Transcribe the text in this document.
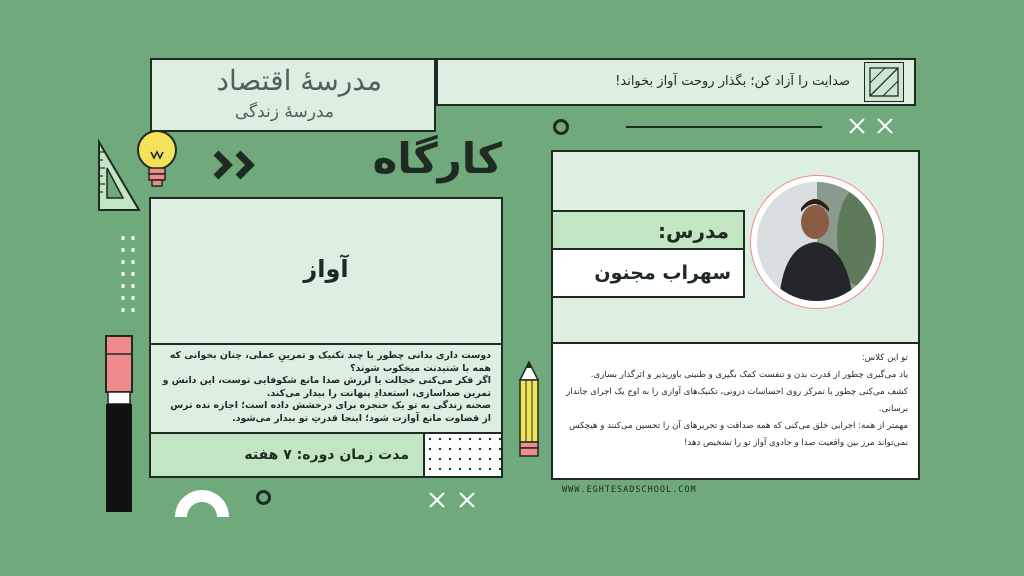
مدرسهٔ اقتصاد
مدرسهٔ زندگی
صدایت را آزاد کن؛ بگذار روحت آواز بخواند!
کارگاه
آواز
دوست داری بدانی چطور با چند تکنیک و تمرینِ عملی، چنان بخوانی که همه با شنیدنت میخکوب شوند؟
اگر فکر می‌کنی خجالت یا لرزش صدا مانع شکوفایی توست، این دانش و تمرین صداسازی، استعدادِ پنهانت را بیدار می‌کند.
صحنه زندگی به تو یک حنجره برای درخشش داده است؛ اجازه نده ترس از قضاوت مانع آوازت شود؛ اینجا قدرتِ تو بیدار می‌شود.
مدت زمان دوره: ۷ هفته
مدرس:
سهراب مجنون
تو این کلاس:
یاد می‌گیری چطور از قدرت بدن و تنفست کمک بگیری و طنینی باورپذیر و اثرگذار بسازی.
کشف می‌کنی چطور با تمرکز روی احساسات درونی، تکنیک‌های آوازی را به اوج یک اجرای جاندار برسانی.
مهمتر از همه: اجرایی خلق می‌کنی که همه صداقت و تحریرهای آن را تحسین می‌کنند و هیچکس نمی‌تواند مرز بین واقعیت صدا و جادوی آواز تو را تشخیص دهد!
WWW.EGHTESADSCHOOL.COM
